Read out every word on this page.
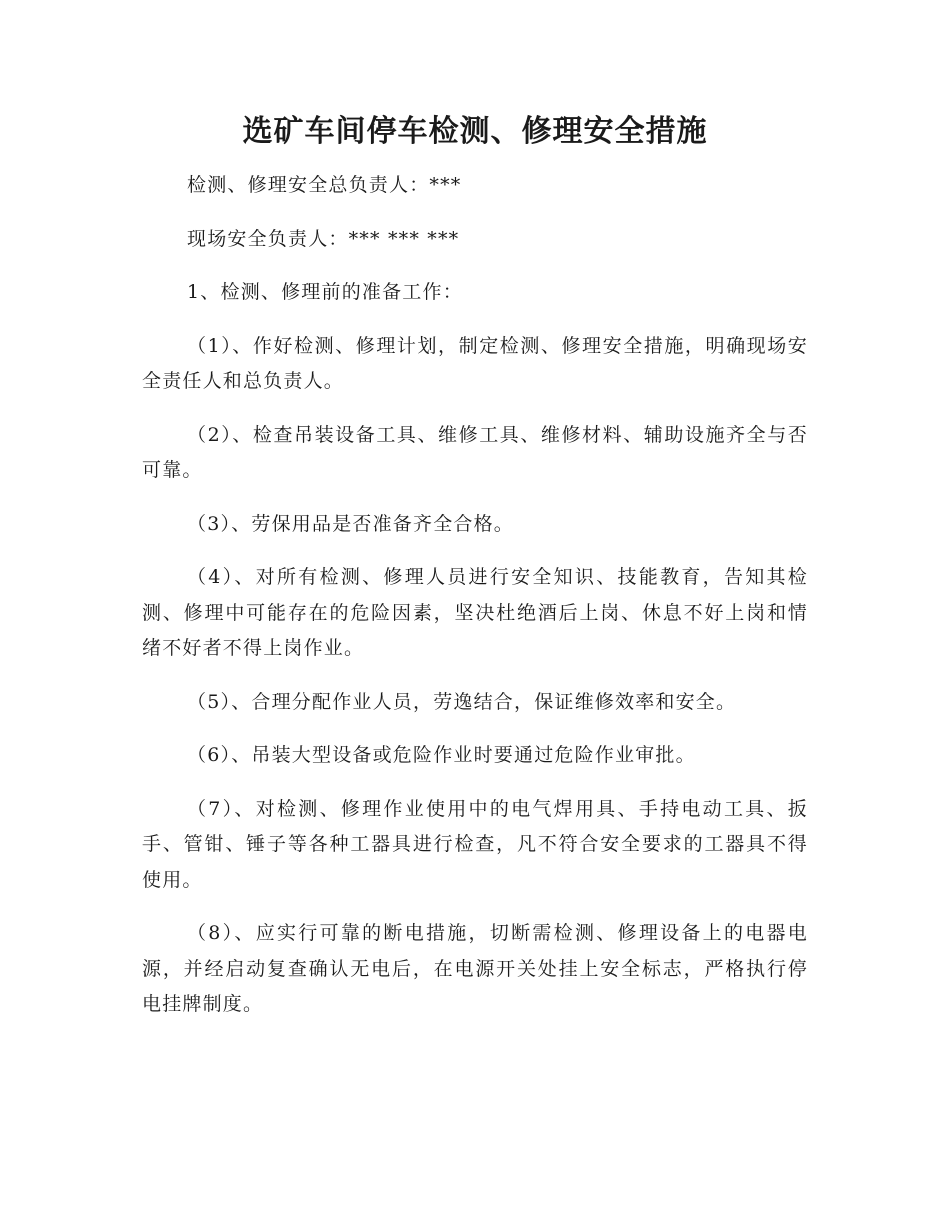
选矿车间停车检测、修理安全措施

检测、修理安全总负责人：***

现场安全负责人：*** *** ***

1、检测、修理前的准备工作：

（1）、作好检测、修理计划，制定检测、修理安全措施，明确现场安全责任人和总负责人。

（2）、检查吊装设备工具、维修工具、维修材料、辅助设施齐全与否可靠。

（3）、劳保用品是否准备齐全合格。

（4）、对所有检测、修理人员进行安全知识、技能教育，告知其检测、修理中可能存在的危险因素，坚决杜绝酒后上岗、休息不好上岗和情绪不好者不得上岗作业。

（5）、合理分配作业人员，劳逸结合，保证维修效率和安全。

（6）、吊装大型设备或危险作业时要通过危险作业审批。

（7）、对检测、修理作业使用中的电气焊用具、手持电动工具、扳手、管钳、锤子等各种工器具进行检查，凡不符合安全要求的工器具不得使用。

（8）、应实行可靠的断电措施，切断需检测、修理设备上的电器电源，并经启动复查确认无电后，在电源开关处挂上安全标志，严格执行停电挂牌制度。
